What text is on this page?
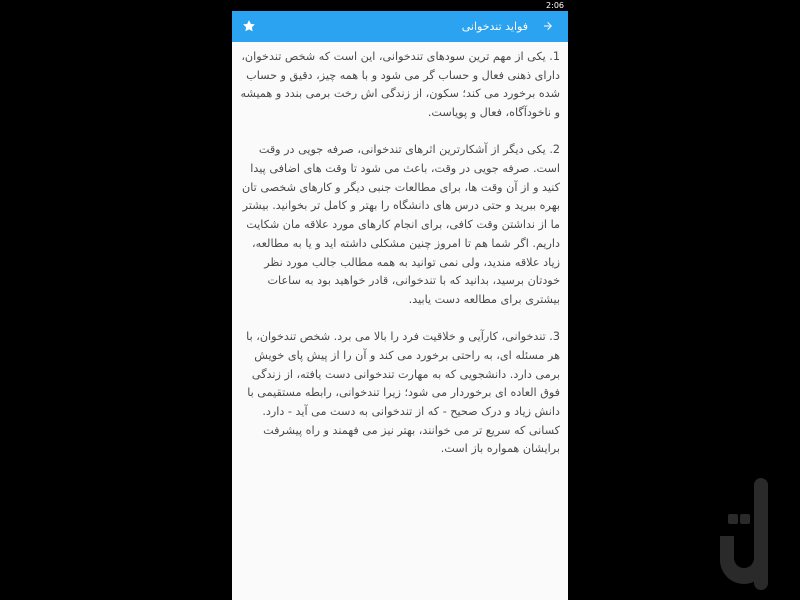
2:06
فواید تندخوانی

1. یکی از مهم ترین سودهای تندخوانی، این است که شخص تندخوان، دارای ذهنی فعال و حساب گر می شود و با همه چیز، دقیق و حساب شده برخورد می کند؛ سکون، از زندگی اش رخت برمی بندد و همیشه و ناخودآگاه، فعال و پویاست.

2. یکی دیگر از آشکارترین اثرهای تندخوانی، صرفه جویی در وقت است. صرفه جویی در وقت، باعث می شود تا وقت های اضافی پیدا کنید و از آن وقت ها، برای مطالعات جنبی دیگر و کارهای شخصی تان بهره ببرید و حتی درس های دانشگاه را بهتر و کامل تر بخوانید. بیشتر ما از نداشتن وقت کافی، برای انجام کارهای مورد علاقه مان شکایت داریم. اگر شما هم تا امروز چنین مشکلی داشته اید و یا به مطالعه، زیاد علاقه مندید، ولی نمی توانید به همه مطالب جالب مورد نظر خودتان برسید، بدانید که با تندخوانی، قادر خواهید بود به ساعات بیشتری برای مطالعه دست یابید.

3. تندخوانی، کارآیی و خلاقیت فرد را بالا می برد. شخص تندخوان، با هر مسئله ای، به راحتی برخورد می کند و آن را از پیش پای خویش برمی دارد. دانشجویی که به مهارت تندخوانی دست یافته، از زندگی فوق العاده ای برخوردار می شود؛ زیرا تندخوانی، رابطه مستقیمی با دانش زیاد و درک صحیح - که از تندخوانی به دست می آید - دارد. کسانی که سریع تر می خوانند، بهتر نیز می فهمند و راه پیشرفت برایشان همواره باز است.
